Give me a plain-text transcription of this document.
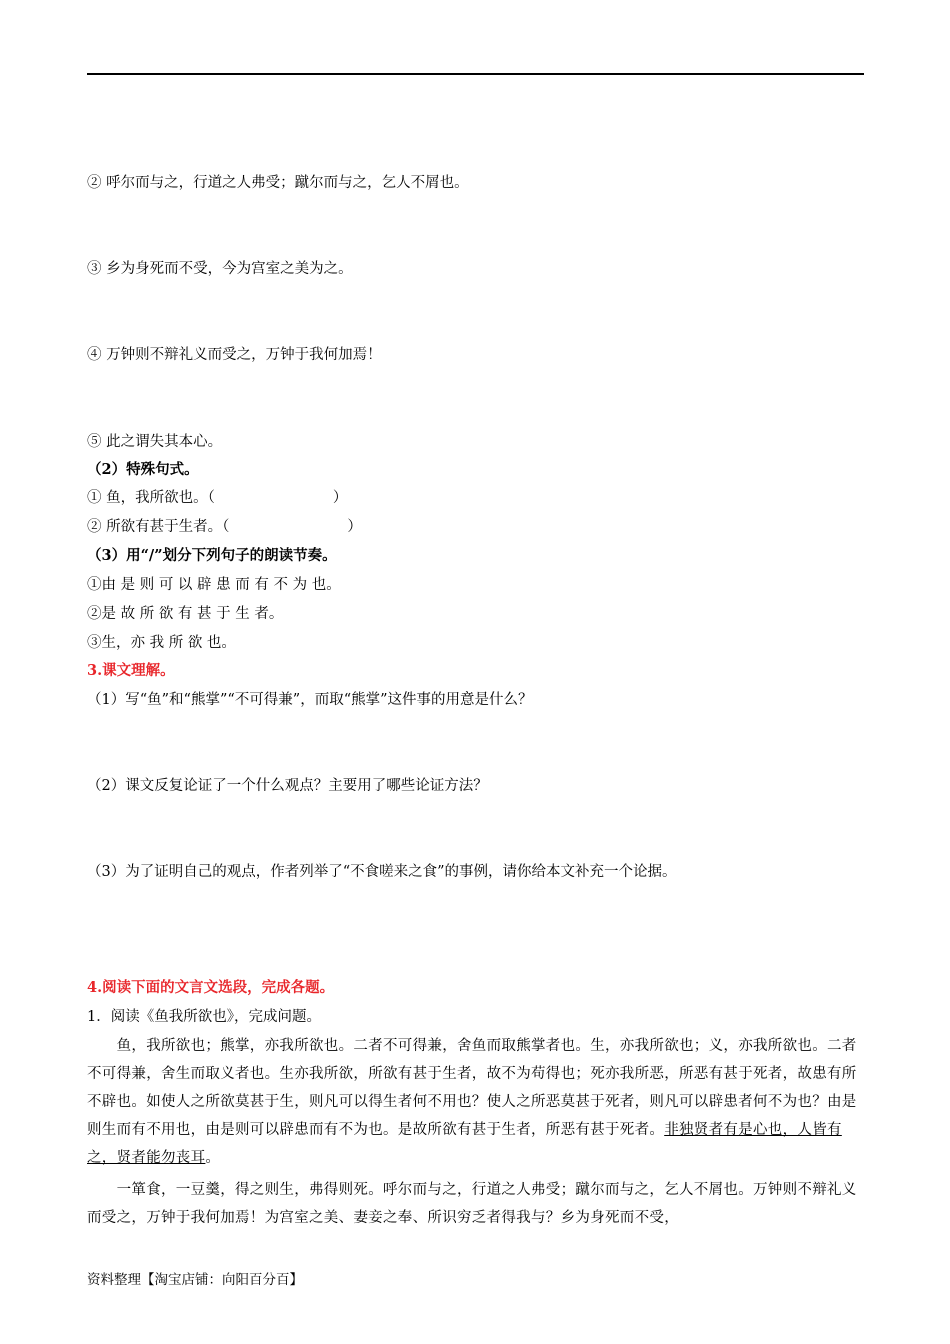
② 呼尔而与之，行道之人弗受；蹴尔而与之，乞人不屑也。
③ 乡为身死而不受，今为宫室之美为之。
④ 万钟则不辩礼义而受之，万钟于我何加焉！
⑤ 此之谓失其本心。
（2）特殊句式。
① 鱼，我所欲也。（	）
② 所欲有甚于生者。（	）
（3）用“/”划分下列句子的朗读节奏。
①由 是 则 可 以 辟 患 而 有 不 为 也。
②是 故 所 欲 有 甚 于 生 者。
③生，亦 我 所 欲 也。
3.课文理解。
（1）写“鱼”和“熊掌”“不可得兼”，而取“熊掌”这件事的用意是什么？
（2）课文反复论证了一个什么观点？主要用了哪些论证方法？
（3）为了证明自己的观点，作者列举了“不食嗟来之食”的事例，请你给本文补充一个论据。
4.阅读下面的文言文选段，完成各题。
1．阅读《鱼我所欲也》，完成问题。
　　鱼，我所欲也；熊掌，亦我所欲也。二者不可得兼，舍鱼而取熊掌者也。生，亦我所欲也；义，亦我所欲也。二者不可得兼，舍生而取义者也。生亦我所欲，所欲有甚于生者，故不为苟得也；死亦我所恶，所恶有甚于死者，故患有所不辟也。如使人之所欲莫甚于生，则凡可以得生者何不用也？使人之所恶莫甚于死者，则凡可以辟患者何不为也？由是则生而有不用也，由是则可以辟患而有不为也。是故所欲有甚于生者，所恶有甚于死者。非独贤者有是心也，人皆有之，贤者能勿丧耳。
　　一箪食，一豆羹，得之则生，弗得则死。呼尔而与之，行道之人弗受；蹴尔而与之，乞人不屑也。万钟则不辩礼义而受之，万钟于我何加焉！为宫室之美、妻妾之奉、所识穷乏者得我与？乡为身死而不受，
资料整理【淘宝店铺：向阳百分百】
